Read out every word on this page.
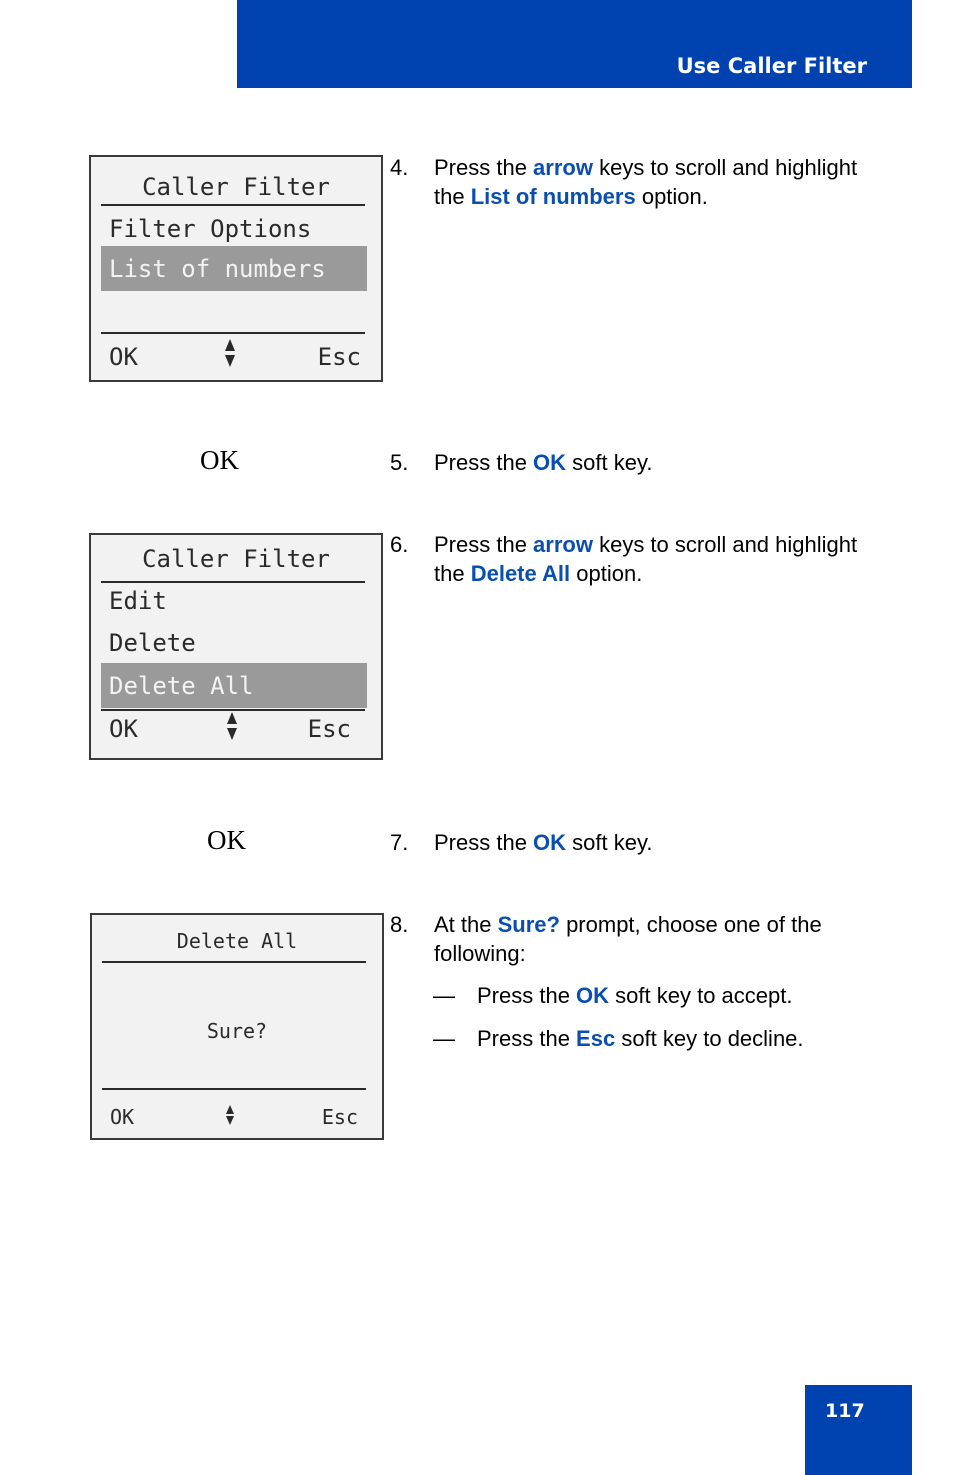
Use Caller Filter
Caller Filter
Filter Options
List of numbers
OK	Esc
4. Press the arrow keys to scroll and highlight the List of numbers option.
OK	5. Press the OK soft key.
Caller Filter
Edit
Delete
Delete All
OK	Esc
6. Press the arrow keys to scroll and highlight the Delete All option.
OK	7. Press the OK soft key.
Delete All
Sure?
OK	Esc
8. At the Sure? prompt, choose one of the following:
— Press the OK soft key to accept.
— Press the Esc soft key to decline.
117
